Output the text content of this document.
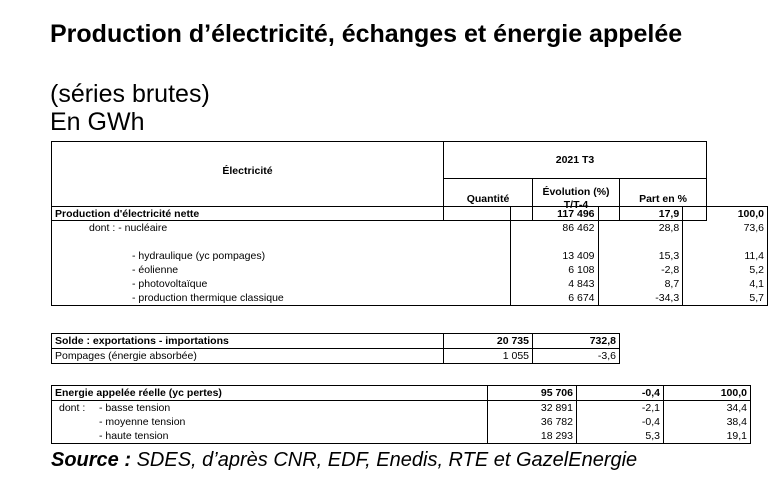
Production d’électricité, échanges et énergie appelée
(séries brutes)
En GWh
Électricité	2021 T3		
	Quantité	Évolution (%)
T/T-4	Part en %
Production d'électricité nette	117 496	17,9	100,0
dont : - nucléaire	86 462	28,8	73,6

- hydraulique (yc pompages)	13 409	15,3	11,4
- éolienne	6 108	-2,8	5,2
- photovoltaïque	4 843	8,7	4,1
- production thermique classique	6 674	-34,3	5,7
Solde : exportations - importations	20 735	732,8
Pompages (énergie absorbée)	1 055	-3,6
Energie appelée réelle (yc pertes)	95 706	-0,4	100,0
dont : - basse tension	32 891	-2,1	34,4
- moyenne tension	36 782	-0,4	38,4
- haute tension	18 293	5,3	19,1
Source : SDES, d’après CNR, EDF, Enedis, RTE et GazelEnergie
